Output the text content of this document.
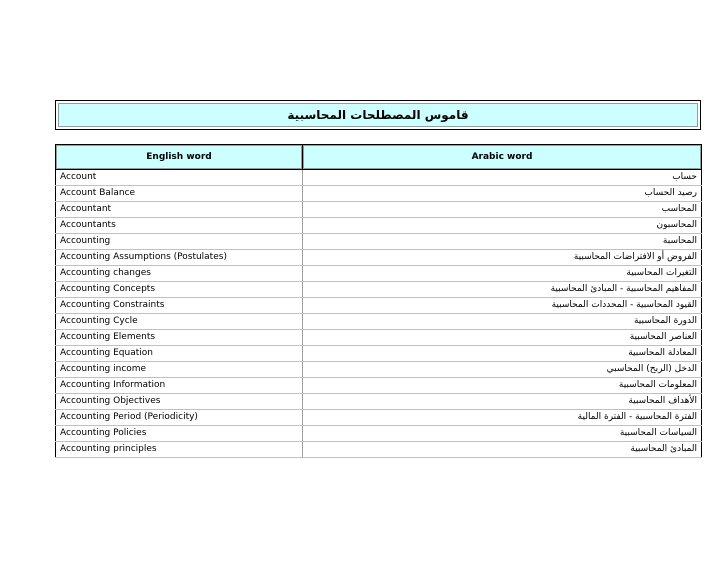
قاموس المصطلحات المحاسبية
English word	Arabic word
Account	حساب
Account Balance	رصيد الحساب
Accountant	المحاسب
Accountants	المحاسبون
Accounting	المحاسبة
Accounting Assumptions (Postulates)	الفروض أو الافتراضات المحاسبية
Accounting changes	التغيرات المحاسبية
Accounting Concepts	المفاهيم المحاسبية - المبادئ المحاسبية
Accounting Constraints	القيود المحاسبية - المحددات المحاسبية
Accounting Cycle	الدورة المحاسبية
Accounting Elements	العناصر المحاسبية
Accounting Equation	المعادلة المحاسبية
Accounting income	الدخل (الربح) المحاسبي
Accounting Information	المعلومات المحاسبية
Accounting Objectives	الأهداف المحاسبية
Accounting Period (Periodicity)	الفترة المحاسبية - الفترة المالية
Accounting Policies	السياسات المحاسبية
Accounting principles	المبادئ المحاسبية
